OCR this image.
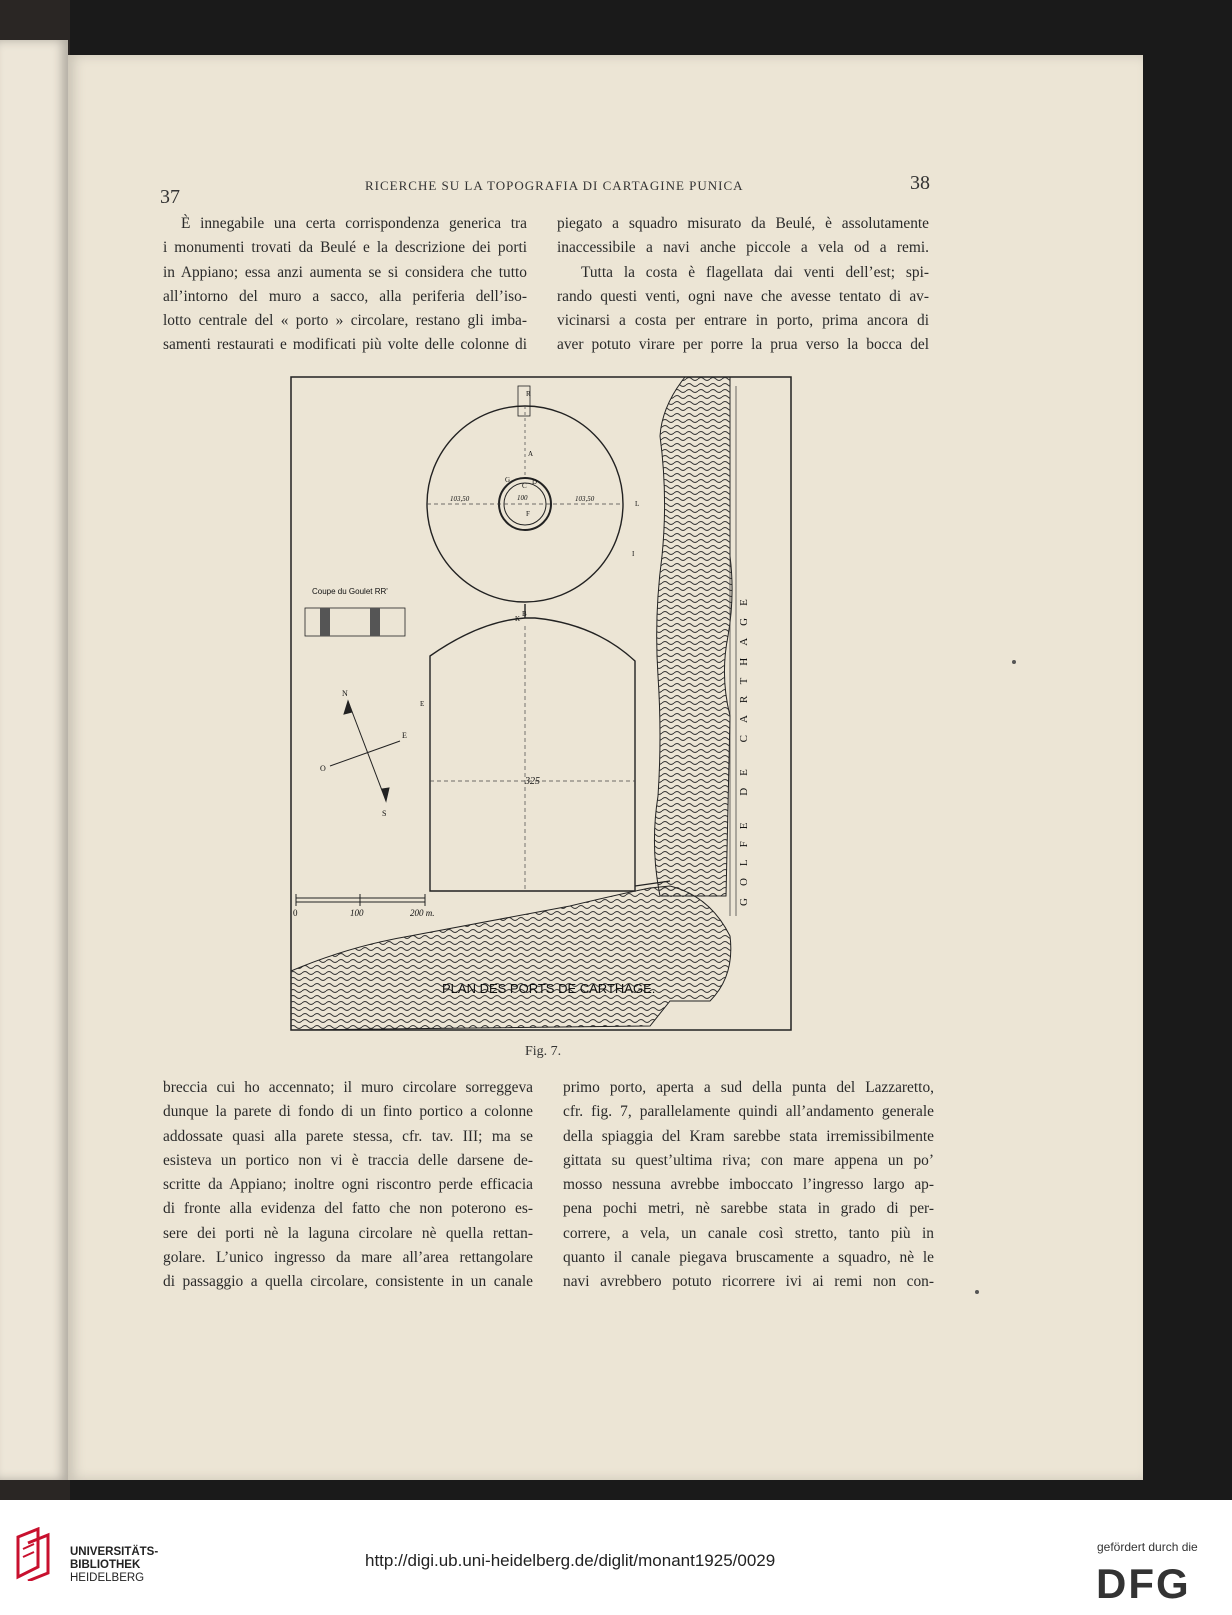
37
RICERCHE SU LA TOPOGRAFIA DI CARTAGINE PUNICA	38
È innegabile una certa corrispondenza generica tra
i monumenti trovati da Beulé e la descrizione dei porti
in Appiano; essa anzi aumenta se si considera che tutto
all’intorno del muro a sacco, alla periferia dell’iso-
lotto centrale del « porto » circolare, restano gli imba-
samenti restaurati e modificati più volte delle colonne di
piegato a squadro misurato da Beulé, è assolutamente
inaccessibile a navi anche piccole a vela od a remi.
Tutta la costa è flagellata dai venti dell’est; spi-
rando questi venti, ogni nave che avesse tentato di av-
vicinarsi a costa per entrare in porto, prima ancora di
aver potuto virare per porre la prua verso la bocca del
PLAN DES PORTS DE CARTHAGE.
Coupe du Goulet RR'
N
E
S
O
0	100	200 m.
325
100
103,50	103,50
A
B
C D
F
K
L
E
G
I
R
GOLFE DE CARTHAGE
Fig. 7.
breccia cui ho accennato; il muro circolare sorreggeva
dunque la parete di fondo di un finto portico a colonne
addossate quasi alla parete stessa, cfr. tav. III; ma se
esisteva un portico non vi è traccia delle darsene de-
scritte da Appiano; inoltre ogni riscontro perde efficacia
di fronte alla evidenza del fatto che non poterono es-
sere dei porti nè la laguna circolare nè quella rettan-
golare. L’unico ingresso da mare all’area rettangolare
di passaggio a quella circolare, consistente in un canale
primo porto, aperta a sud della punta del Lazzaretto,
cfr. fig. 7, parallelamente quindi all’andamento generale
della spiaggia del Kram sarebbe stata irremissibilmente
gittata su quest’ultima riva; con mare appena un po’
mosso nessuna avrebbe imboccato l’ingresso largo ap-
pena pochi metri, nè sarebbe stata in grado di per-
correre, a vela, un canale così stretto, tanto più in
quanto il canale piegava bruscamente a squadro, nè le
navi avrebbero potuto ricorrere ivi ai remi non con-
UNIVERSITÄTS-
BIBLIOTHEK
HEIDELBERG
http://digi.ub.uni-heidelberg.de/diglit/monant1925/0029
gefördert durch die
DFG
